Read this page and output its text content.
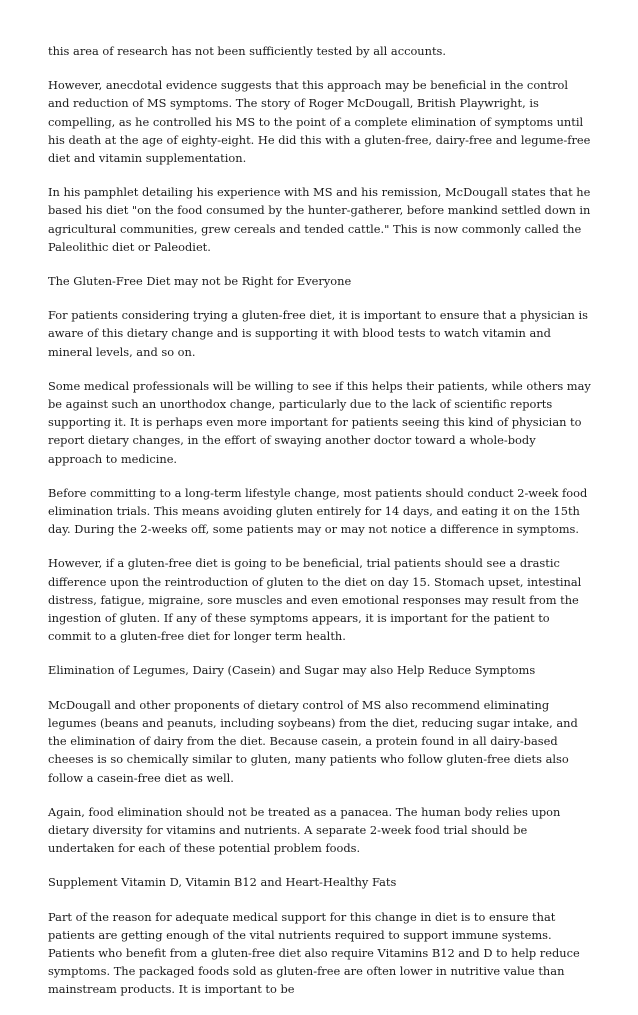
this area of research has not been sufficiently tested by all accounts.

However, anecdotal evidence suggests that this approach may be beneficial in the control and reduction of MS symptoms. The story of Roger McDougall, British Playwright, is compelling, as he controlled his MS to the point of a complete elimination of symptoms until his death at the age of eighty-eight. He did this with a gluten-free, dairy-free and legume-free diet and vitamin supplementation.

In his pamphlet detailing his experience with MS and his remission, McDougall states that he based his diet "on the food consumed by the hunter-gatherer, before mankind settled down in agricultural communities, grew cereals and tended cattle." This is now commonly called the Paleolithic diet or Paleodiet.

The Gluten-Free Diet may not be Right for Everyone

For patients considering trying a gluten-free diet, it is important to ensure that a physician is aware of this dietary change and is supporting it with blood tests to watch vitamin and mineral levels, and so on.

Some medical professionals will be willing to see if this helps their patients, while others may be against such an unorthodox change, particularly due to the lack of scientific reports supporting it. It is perhaps even more important for patients seeing this kind of physician to report dietary changes, in the effort of swaying another doctor toward a whole-body approach to medicine.

Before committing to a long-term lifestyle change, most patients should conduct 2-week food elimination trials. This means avoiding gluten entirely for 14 days, and eating it on the 15th day. During the 2-weeks off, some patients may or may not notice a difference in symptoms.

However, if a gluten-free diet is going to be beneficial, trial patients should see a drastic difference upon the reintroduction of gluten to the diet on day 15. Stomach upset, intestinal distress, fatigue, migraine, sore muscles and even emotional responses may result from the ingestion of gluten. If any of these symptoms appears, it is important for the patient to commit to a gluten-free diet for longer term health.

Elimination of Legumes, Dairy (Casein) and Sugar may also Help Reduce Symptoms

McDougall and other proponents of dietary control of MS also recommend eliminating legumes (beans and peanuts, including soybeans) from the diet, reducing sugar intake, and the elimination of dairy from the diet. Because casein, a protein found in all dairy-based cheeses is so chemically similar to gluten, many patients who follow gluten-free diets also follow a casein-free diet as well.

Again, food elimination should not be treated as a panacea. The human body relies upon dietary diversity for vitamins and nutrients. A separate 2-week food trial should be undertaken for each of these potential problem foods.

Supplement Vitamin D, Vitamin B12 and Heart-Healthy Fats

Part of the reason for adequate medical support for this change in diet is to ensure that patients are getting enough of the vital nutrients required to support immune systems. Patients who benefit from a gluten-free diet also require Vitamins B12 and D to help reduce symptoms. The packaged foods sold as gluten-free are often lower in nutritive value than mainstream products. It is important to be
